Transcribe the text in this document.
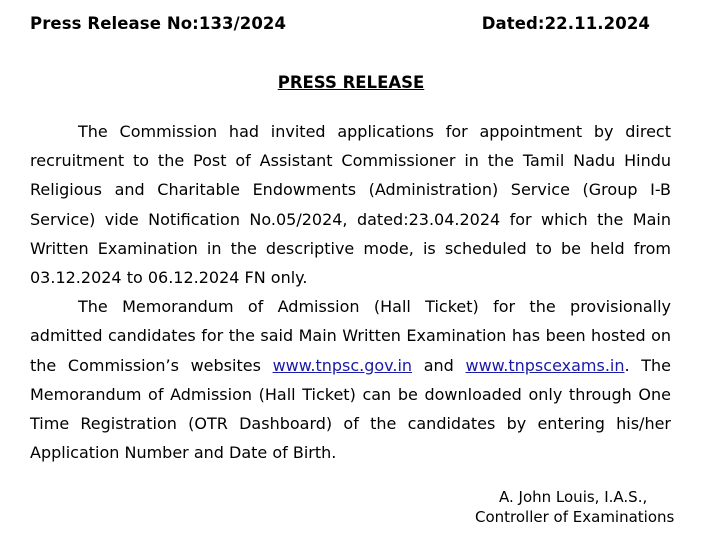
Press Release No:133/2024	Dated:22.11.2024
PRESS RELEASE

The Commission had invited applications for appointment by direct recruitment to the Post of Assistant Commissioner in the Tamil Nadu Hindu Religious and Charitable Endowments (Administration) Service (Group I-B Service) vide Notification No.05/2024, dated:23.04.2024 for which the Main Written Examination in the descriptive mode, is scheduled to be held from 03.12.2024 to 06.12.2024 FN only.

The Memorandum of Admission (Hall Ticket) for the provisionally admitted candidates for the said Main Written Examination has been hosted on the Commission’s websites www.tnpsc.gov.in and www.tnpscexams.in. The Memorandum of Admission (Hall Ticket) can be downloaded only through One Time Registration (OTR Dashboard) of the candidates by entering his/her Application Number and Date of Birth.

A. John Louis, I.A.S.,
Controller of Examinations
